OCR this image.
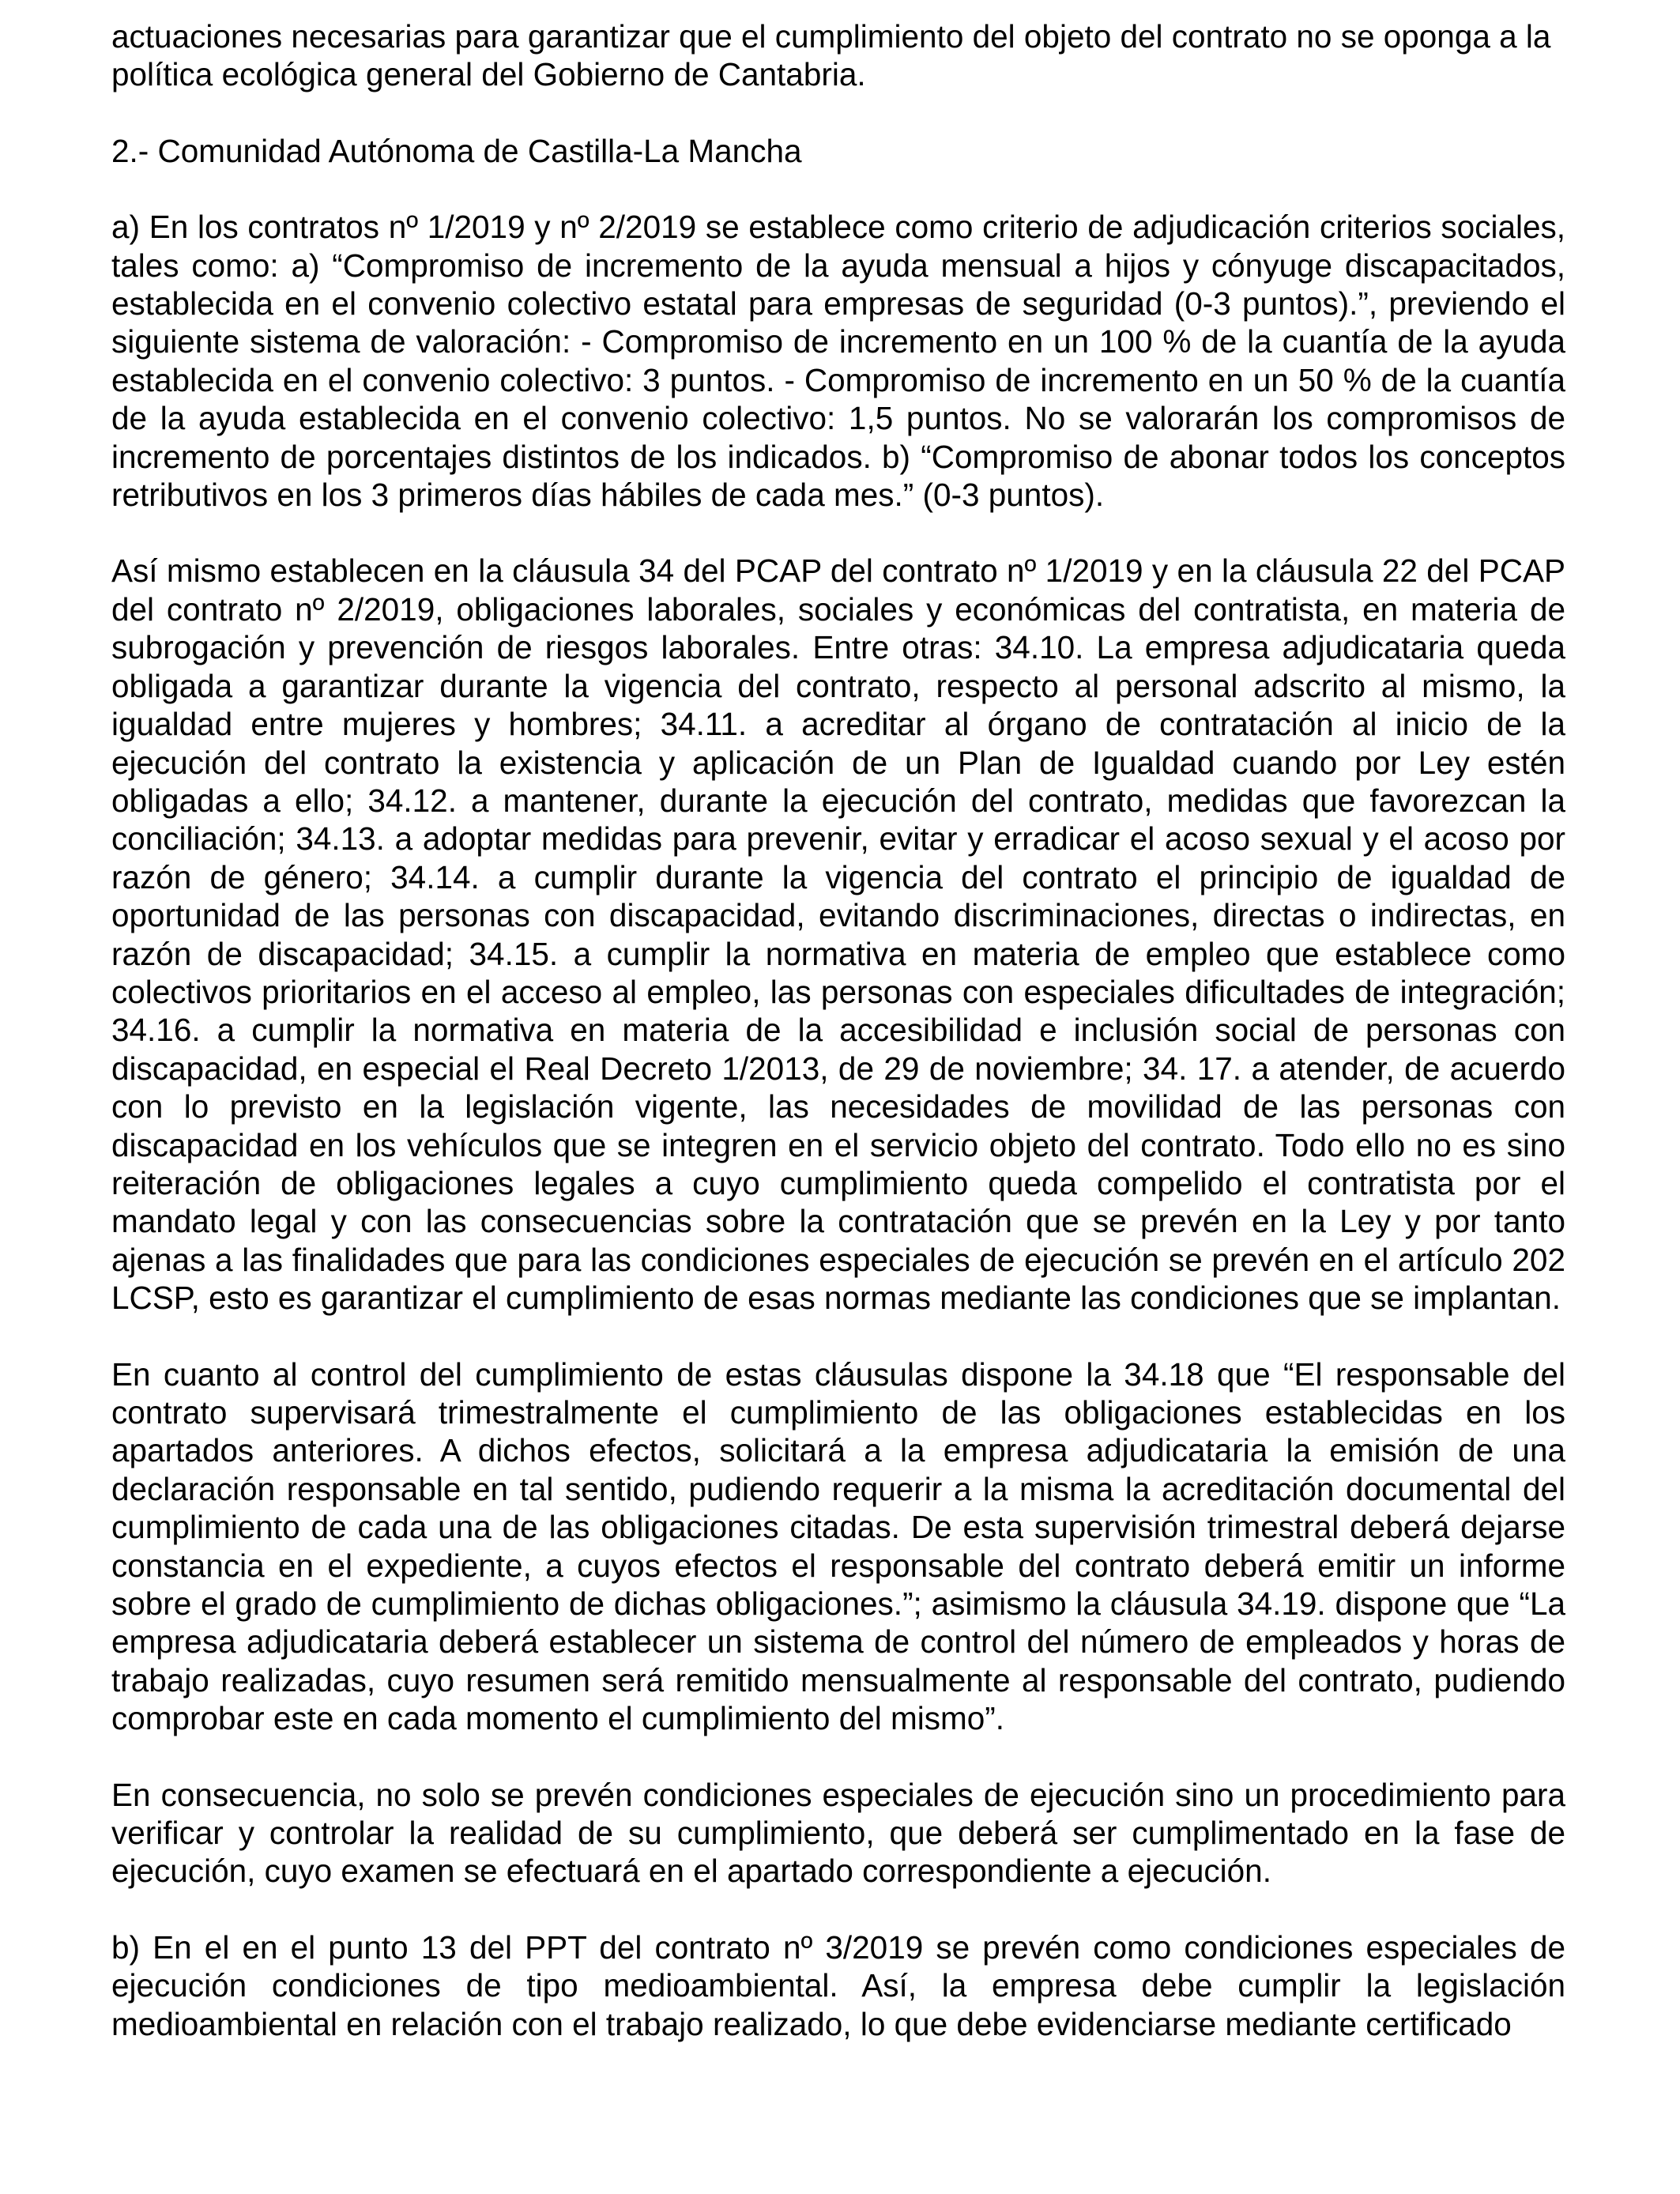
actuaciones necesarias para garantizar que el cumplimiento del objeto del contrato no se oponga a la política ecológica general del Gobierno de Cantabria.

2.- Comunidad Autónoma de Castilla-La Mancha

a) En los contratos nº 1/2019 y nº 2/2019 se establece como criterio de adjudicación criterios sociales, tales como: a) “Compromiso de incremento de la ayuda mensual a hijos y cónyuge discapacitados, establecida en el convenio colectivo estatal para empresas de seguridad (0-3 puntos).”, previendo el siguiente sistema de valoración: - Compromiso de incremento en un 100 % de la cuantía de la ayuda establecida en el convenio colectivo: 3 puntos. - Compromiso de incremento en un 50 % de la cuantía de la ayuda establecida en el convenio colectivo: 1,5 puntos. No se valorarán los compromisos de incremento de porcentajes distintos de los indicados. b) “Compromiso de abonar todos los conceptos retributivos en los 3 primeros días hábiles de cada mes.” (0-3 puntos).

Así mismo establecen en la cláusula 34 del PCAP del contrato nº 1/2019 y en la cláusula 22 del PCAP del contrato nº 2/2019, obligaciones laborales, sociales y económicas del contratista, en materia de subrogación y prevención de riesgos laborales. Entre otras: 34.10. La empresa adjudicataria queda obligada a garantizar durante la vigencia del contrato, respecto al personal adscrito al mismo, la igualdad entre mujeres y hombres; 34.11. a acreditar al órgano de contratación al inicio de la ejecución del contrato la existencia y aplicación de un Plan de Igualdad cuando por Ley estén obligadas a ello; 34.12. a mantener, durante la ejecución del contrato, medidas que favorezcan la conciliación; 34.13. a adoptar medidas para prevenir, evitar y erradicar el acoso sexual y el acoso por razón de género; 34.14. a cumplir durante la vigencia del contrato el principio de igualdad de oportunidad de las personas con discapacidad, evitando discriminaciones, directas o indirectas, en razón de discapacidad; 34.15. a cumplir la normativa en materia de empleo que establece como colectivos prioritarios en el acceso al empleo, las personas con especiales dificultades de integración; 34.16. a cumplir la normativa en materia de la accesibilidad e inclusión social de personas con discapacidad, en especial el Real Decreto 1/2013, de 29 de noviembre; 34. 17. a atender, de acuerdo con lo previsto en la legislación vigente, las necesidades de movilidad de las personas con discapacidad en los vehículos que se integren en el servicio objeto del contrato. Todo ello no es sino reiteración de obligaciones legales a cuyo cumplimiento queda compelido el contratista por el mandato legal y con las consecuencias sobre la contratación que se prevén en la Ley y por tanto ajenas a las finalidades que para las condiciones especiales de ejecución se prevén en el artículo 202 LCSP, esto es garantizar el cumplimiento de esas normas mediante las condiciones que se implantan.

En cuanto al control del cumplimiento de estas cláusulas dispone la 34.18 que “El responsable del contrato supervisará trimestralmente el cumplimiento de las obligaciones establecidas en los apartados anteriores. A dichos efectos, solicitará a la empresa adjudicataria la emisión de una declaración responsable en tal sentido, pudiendo requerir a la misma la acreditación documental del cumplimiento de cada una de las obligaciones citadas. De esta supervisión trimestral deberá dejarse constancia en el expediente, a cuyos efectos el responsable del contrato deberá emitir un informe sobre el grado de cumplimiento de dichas obligaciones.”; asimismo la cláusula 34.19. dispone que “La empresa adjudicataria deberá establecer un sistema de control del número de empleados y horas de trabajo realizadas, cuyo resumen será remitido mensualmente al responsable del contrato, pudiendo comprobar este en cada momento el cumplimiento del mismo”.

En consecuencia, no solo se prevén condiciones especiales de ejecución sino un procedimiento para verificar y controlar la realidad de su cumplimiento, que deberá ser cumplimentado en la fase de ejecución, cuyo examen se efectuará en el apartado correspondiente a ejecución.

b) En el en el punto 13 del PPT del contrato nº 3/2019 se prevén como condiciones especiales de ejecución condiciones de tipo medioambiental. Así, la empresa debe cumplir la legislación medioambiental en relación con el trabajo realizado, lo que debe evidenciarse mediante certificado
